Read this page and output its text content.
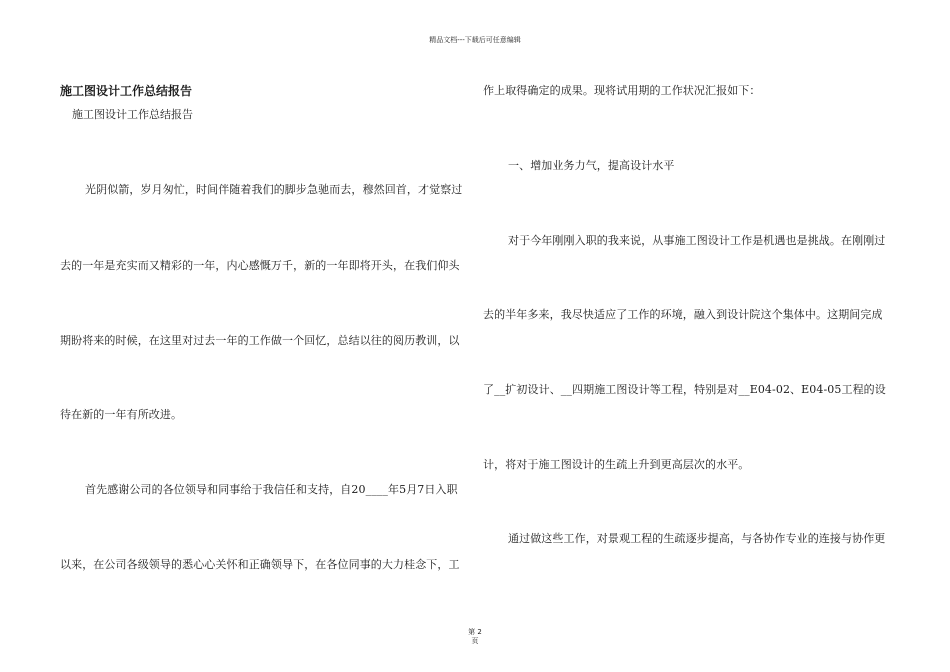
精品文档---下载后可任意编辑
施工图设计工作总结报告
施工图设计工作总结报告
光阴似箭，岁月匆忙，时间伴随着我们的脚步急驰而去，穆然回首，才觉察过
去的一年是充实而又精彩的一年，内心感慨万千，新的一年即将开头，在我们仰头
期盼将来的时候，在这里对过去一年的工作做一个回忆，总结以往的阅历教训，以
待在新的一年有所改进。
首先感谢公司的各位领导和同事给于我信任和支持，自20____年5月7日入职
以来，在公司各级领导的悉心心关怀和正确领导下，在各位同事的大力桂念下，工
作上取得确定的成果。现将试用期的工作状况汇报如下：
一、增加业务力气，提高设计水平
对于今年刚刚入职的我来说，从事施工图设计工作是机遇也是挑战。在刚刚过
去的半年多来，我尽快适应了工作的环境，融入到设计院这个集体中。这期间完成
了__扩初设计、__四期施工图设计等工程，特别是对__E04-02、E04-05工程的设
计，将对于施工图设计的生疏上升到更高层次的水平。
通过做这些工作，对景观工程的生疏逐步提高，与各协作专业的连接与协作更
第 2
页
